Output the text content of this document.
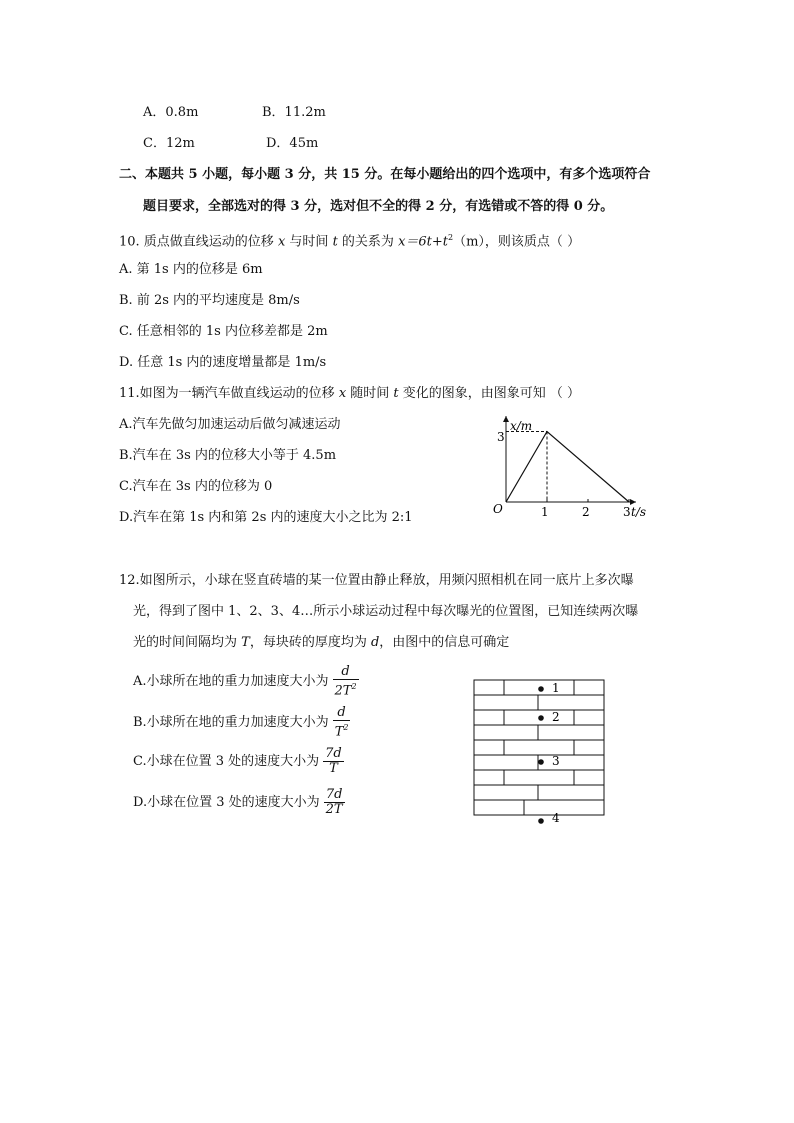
A．0.8m	B．11.2m
C．12m	D．45m
二、本题共 5 小题，每小题 3 分，共 15 分。在每小题给出的四个选项中，有多个选项符合
题目要求，全部选对的得 3 分，选对但不全的得 2 分，有选错或不答的得 0 分。
10. 质点做直线运动的位移 x 与时间 t 的关系为 $x=6t+t^2(m)$，则该质点（ ）
A. 第 1s 内的位移是 6m
B. 前 2s 内的平均速度是 8m/s
C. 任意相邻的 1s 内位移差都是 2m
D. 任意 1s 内的速度增量都是 1m/s
11.如图为一辆汽车做直线运动的位移 x 随时间 t 变化的图象，由图象可知 （ ）
A.汽车先做匀加速运动后做匀减速运动
B.汽车在 3s 内的位移大小等于 4.5m
C.汽车在 3s 内的位移为 0
D.汽车在第 1s 内和第 2s 内的速度大小之比为 2:1
x/m
O
3
1	2	3 t/s
12.如图所示，小球在竖直砖墙的某一位置由静止释放，用频闪照相机在同一底片上多次曝
光，得到了图中 1、2、3、4…所示小球运动过程中每次曝光的位置图，已知连续两次曝
光的时间间隔均为 T，每块砖的厚度均为 d，由图中的信息可确定
A.小球所在地的重力加速度大小为 $\frac{d}{2T^2}$
B.小球所在地的重力加速度大小为 $\frac{d}{T^2}$
C.小球在位置 3 处的速度大小为 $\frac{7d}{T}$
D.小球在位置 3 处的速度大小为 $\frac{7d}{2T}$
1
2
3
4
